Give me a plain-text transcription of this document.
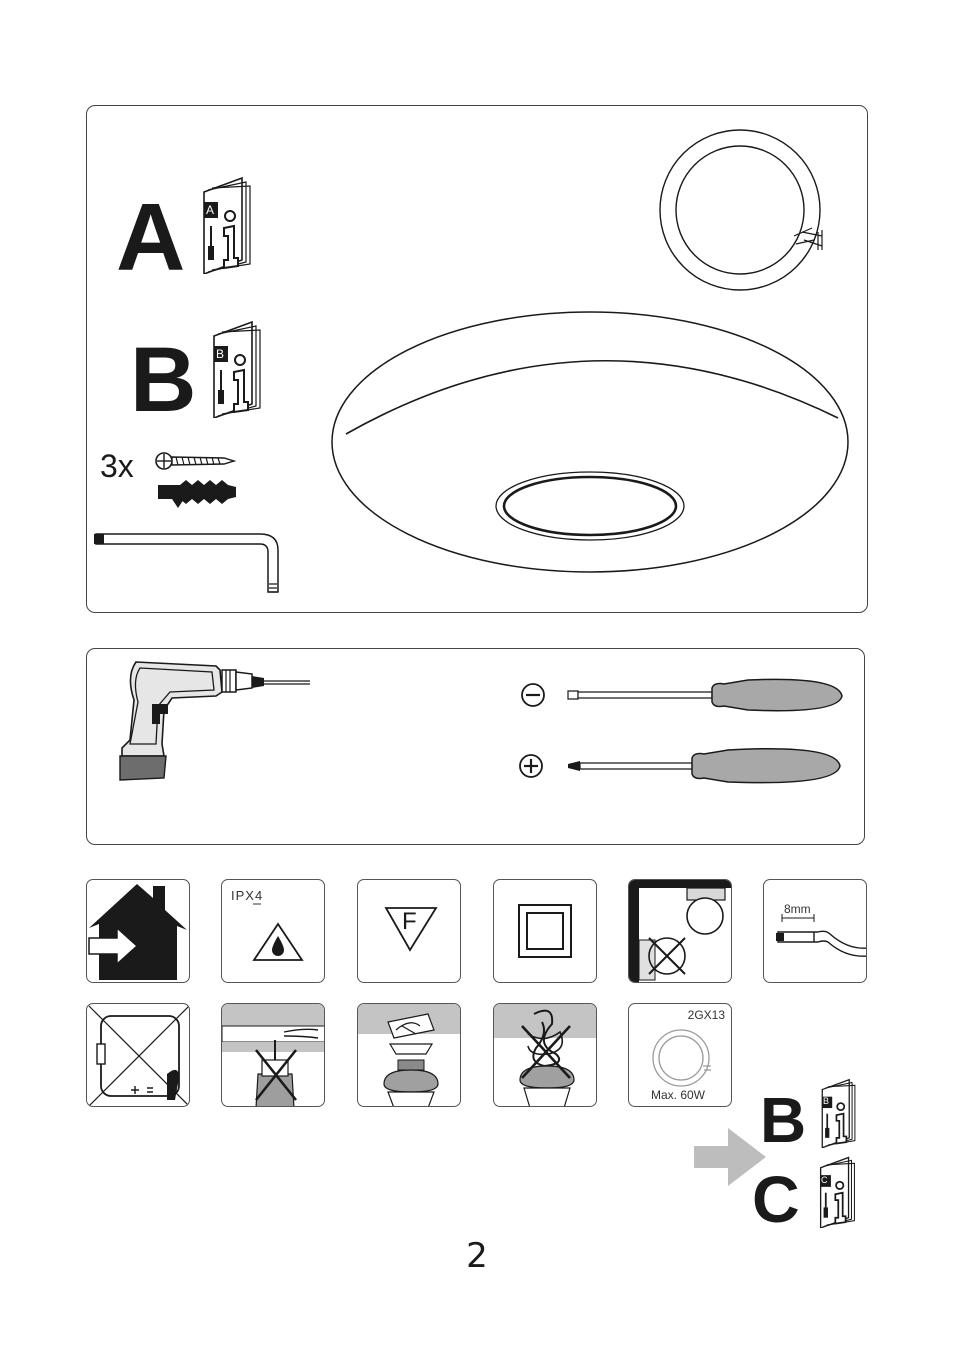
A A
B B
3x
IPX4
F	8mm
2GX13
Max. 60W B B
C C
2
